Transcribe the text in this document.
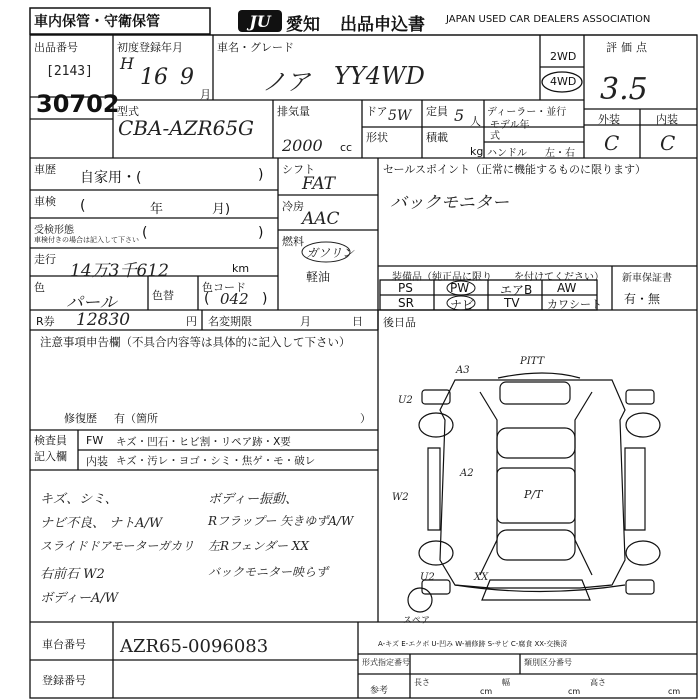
JU
車内保管・守衛保管	愛知 出品申込書 JAPAN USED CAR DEALERS ASSOCIATION
出品番号
[2143]
30702
初度登録年月
H
16 9
月
車名・グレード
ノア YY4WD
2WD
4WD
評価点
3.5
外装	内装
C C
型式
CBA-AZR65G
排気量
2000 cc
ドア 5W 定員 5 人
ディーラー・並行
モデル年式
形状	積載
kg ハンドル 左・右
車歴
自家用・(	)
車検 (	年	月)
受検形態
車検付きの場合は記入して下さい (	)
走行
14万3千612	km
色
パール	色替
色コード
( 042 )
シフト
FAT
冷房
AAC
燃料
ガソリン
軽油
セールスポイント（正常に機能するものに限ります）
バックモニター
装備品（純正品に限り を付けてください）
PS	PW	エアB AW
SR	ナビ TV カワシート
新車保証書
有・無
R券 12830	円 名変期限	月	日 後日品
注意事項申告欄（不具合内容等は具体的に記入して下さい）
修復歴 有（箇所	）
検査員記入欄
FW キズ・凹石・ヒビ割・リペア跡・X要
内装 キズ・汚レ・ヨゴ・シミ・焦ゲ・モ・破レ
キズ、シミ、
ナビ不良、 ナトA/W
スライドドアモーターガカリ
右前石 W2
ボディーA/W
ボディー振動、
Rフラップー 矢きゆずA/W
左Rフェンダー XX
バックモニター映らず
PITT
A3
U2
A2
W2	P/T
U2	XX
スペア
車台番号 AZR65-0096083
登録番号
A-キズ E-エクボ U-凹み W-補修跡 S-サビ C-腐食 XX-交換済
形式指定番号	類別区分番号
参考
長さ
cm
幅
cm
高さ
cm
